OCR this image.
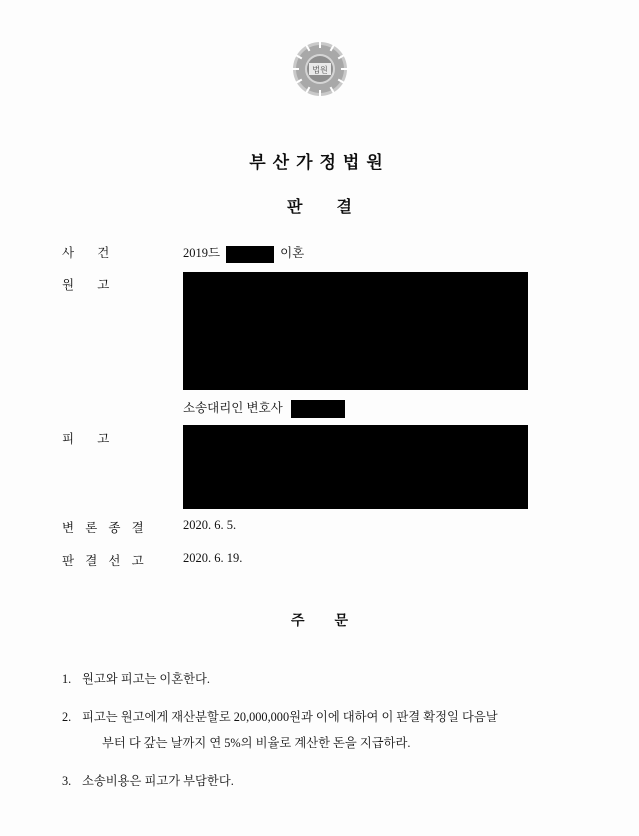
법원
부산가정법원
판결
사 건	2019드	이혼
원 고
소송대리인 변호사
피 고
변 론 종 결	2020. 6. 5.
판 결 선 고	2020. 6. 19.
주문
1. 원고와 피고는 이혼한다.
2. 피고는 원고에게 재산분할로 20,000,000원과 이에 대하여 이 판결 확정일 다음날
부터 다 갚는 날까지 연 5%의 비율로 계산한 돈을 지급하라.
3. 소송비용은 피고가 부담한다.
